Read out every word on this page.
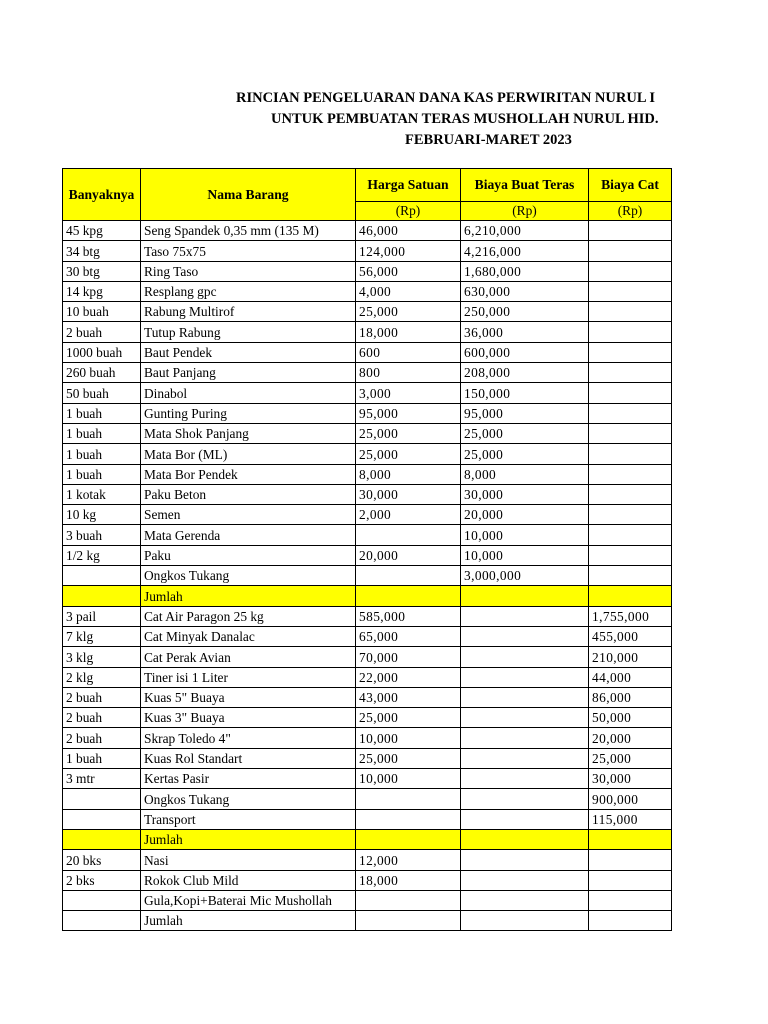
RINCIAN PENGELUARAN DANA KAS PERWIRITAN NURUL I
UNTUK PEMBUATAN TERAS MUSHOLLAH NURUL HID.
FEBRUARI-MARET 2023
Banyaknya	Nama Barang	Harga Satuan	Biaya Buat Teras	Biaya Cat
		(Rp)	(Rp)	(Rp)
45 kpg	Seng Spandek 0,35 mm (135 M)	46,000	6,210,000	
34 btg	Taso 75x75	124,000	4,216,000	
30 btg	Ring Taso	56,000	1,680,000	
14 kpg	Resplang gpc	4,000	630,000	
10 buah	Rabung Multirof	25,000	250,000	
2 buah	Tutup Rabung	18,000	36,000	
1000 buah	Baut Pendek	600	600,000	
260 buah	Baut Panjang	800	208,000	
50 buah	Dinabol	3,000	150,000	
1 buah	Gunting Puring	95,000	95,000	
1 buah	Mata Shok Panjang	25,000	25,000	
1 buah	Mata Bor (ML)	25,000	25,000	
1 buah	Mata Bor Pendek	8,000	8,000	
1 kotak	Paku Beton	30,000	30,000	
10 kg	Semen	2,000	20,000	
3 buah	Mata Gerenda		10,000	
1/2 kg	Paku	20,000	10,000	
	Ongkos Tukang		3,000,000	
	Jumlah			
3 pail	Cat Air Paragon 25 kg	585,000		1,755,000
7 klg	Cat Minyak Danalac	65,000		455,000
3 klg	Cat Perak Avian	70,000		210,000
2 klg	Tiner isi 1 Liter	22,000		44,000
2 buah	Kuas 5" Buaya	43,000		86,000
2 buah	Kuas 3" Buaya	25,000		50,000
2 buah	Skrap Toledo 4"	10,000		20,000
1 buah	Kuas Rol Standart	25,000		25,000
3 mtr	Kertas Pasir	10,000		30,000
	Ongkos Tukang			900,000
	Transport			115,000
	Jumlah			
20 bks	Nasi	12,000		
2 bks	Rokok Club Mild	18,000		
	Gula,Kopi+Baterai Mic Mushollah			
	Jumlah			
